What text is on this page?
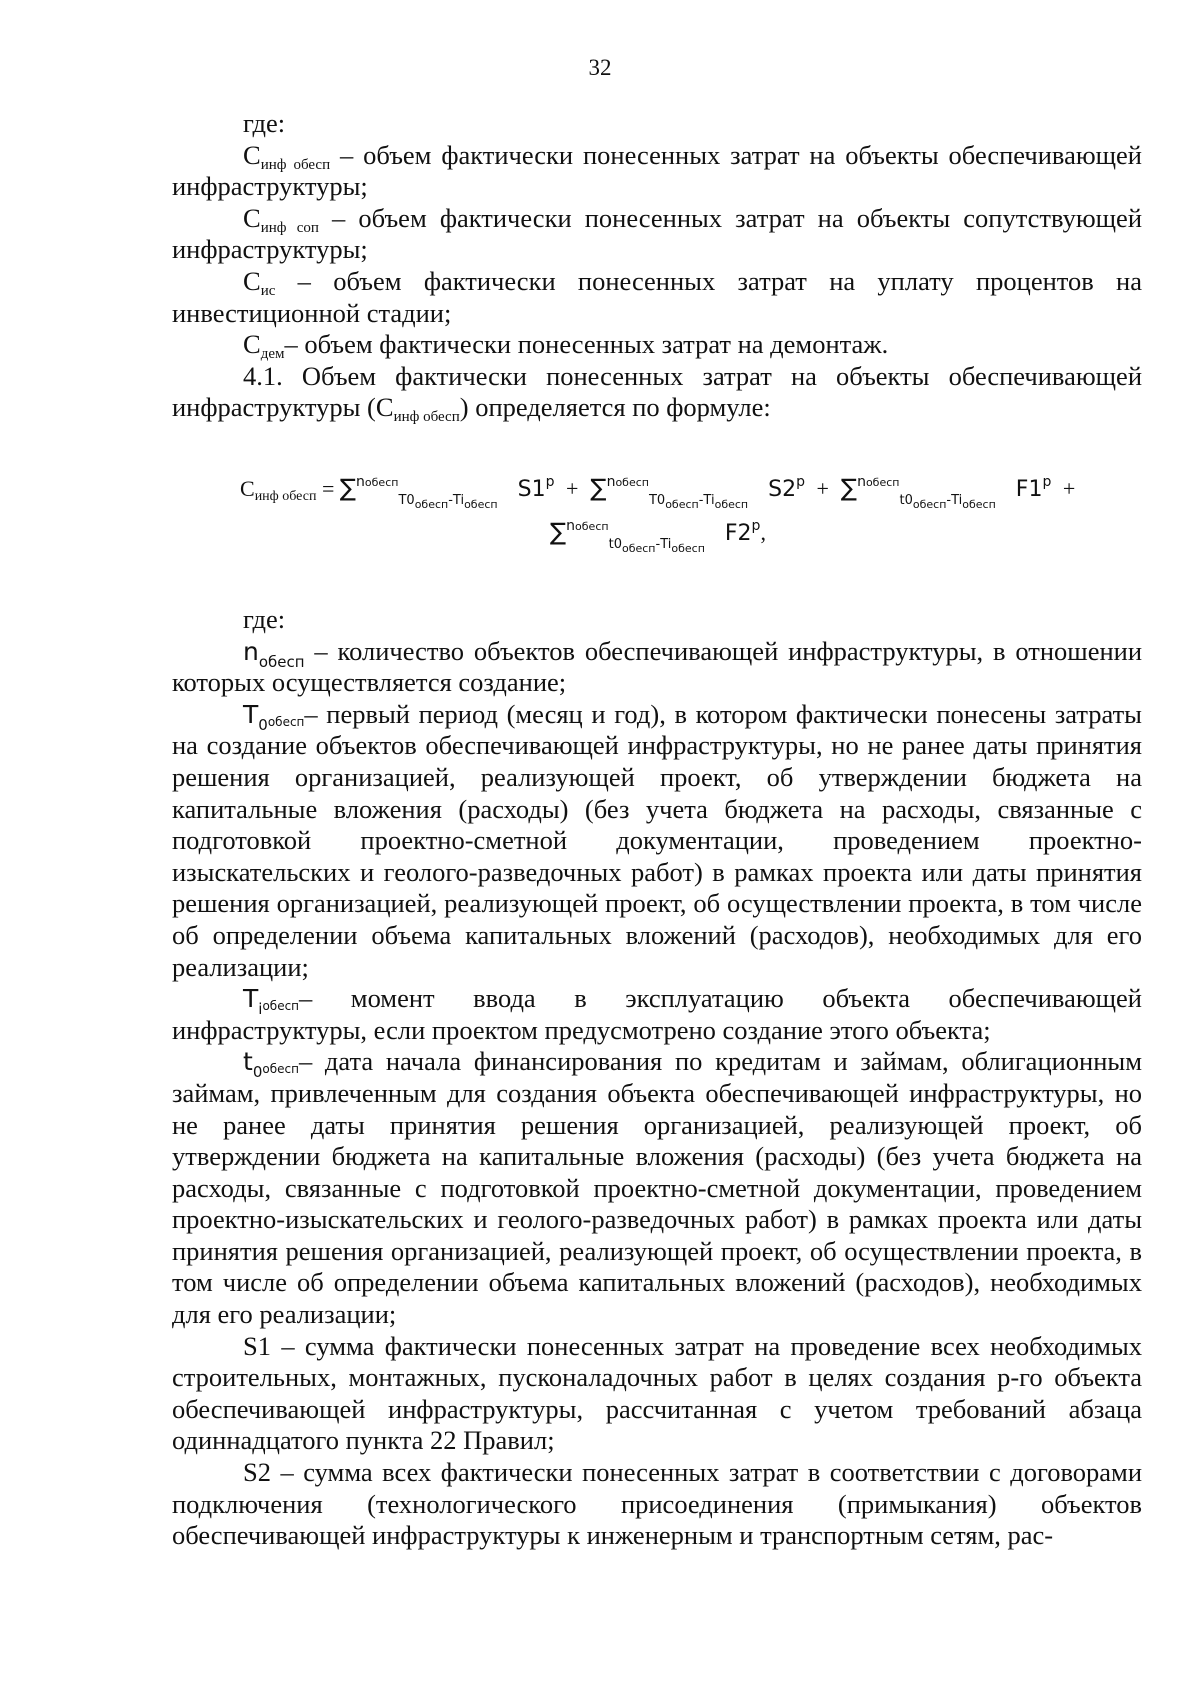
32

где:

$С_{инф обесп}$ – объем фактически понесенных затрат на объекты обеспечивающей инфраструктуры;

$С_{инф соп}$ – объем фактически понесенных затрат на объекты сопутствующей инфраструктуры;

$С_{ис}$ – объем фактически понесенных затрат на уплату процентов на инвестиционной стадии;

$С_{дем}-$ объем фактически понесенных затрат на демонтаж.

4.1. Объем фактически понесенных затрат на объекты обеспечивающей инфраструктуры $(С_{инф обесп})$ определяется по формуле:

Синф обесп = $\sum^{nобесп}_{T0_{обесп}-Ti_{обесп}}S1^p + \sum^{nобесп}_{T0_{обесп}-Ti_{обесп}}S2^p + \sum^{nобесп}_{t0_{обесп}-Ti_{обесп}}F1^p$ +
$\sum^{nобесп}_{t0_{обесп}-Ti_{обесп}}F2^p$,

где:

$n_{обесп}$ – количество объектов обеспечивающей инфраструктуры, в отношении которых осуществляется создание;

$T_0обесп-$ первый период (месяц и год), в котором фактически понесены затраты на создание объектов обеспечивающей инфраструктуры, но не ранее даты принятия решения организацией, реализующей проект, об утверждении бюджета на капитальные вложения (расходы) (без учета бюджета на расходы, связанные с подготовкой проектно-сметной документации, проведением проектно-изыскательских и геолого-разведочных работ) в рамках проекта или даты принятия решения организацией, реализующей проект, об осуществлении проекта, в том числе об определении объема капитальных вложений (расходов), необходимых для его реализации;

$T_iобесп-$ момент ввода в эксплуатацию объекта обеспечивающей инфраструктуры, если проектом предусмотрено создание этого объекта;

$t_0обесп-$ дата начала финансирования по кредитам и займам, облигационным займам, привлеченным для создания объекта обеспечивающей инфраструктуры, но не ранее даты принятия решения организацией, реализующей проект, об утверждении бюджета на капитальные вложения (расходы) (без учета бюджета на расходы, связанные с подготовкой проектно-сметной документации, проведением проектно-изыскательских и геолого-разведочных работ) в рамках проекта или даты принятия решения организацией, реализующей проект, об осуществлении проекта, в том числе об определении объема капитальных вложений (расходов), необходимых для его реализации;

S1 – сумма фактически понесенных затрат на проведение всех необходимых строительных, монтажных, пусконаладочных работ в целях создания p-го объекта обеспечивающей инфраструктуры, рассчитанная с учетом требований абзаца одиннадцатого пункта 22 Правил;

S2 – сумма всех фактически понесенных затрат в соответствии с договорами подключения (технологического присоединения (примыкания) объектов обеспечивающей инфраструктуры к инженерным и транспортным сетям, рас-
